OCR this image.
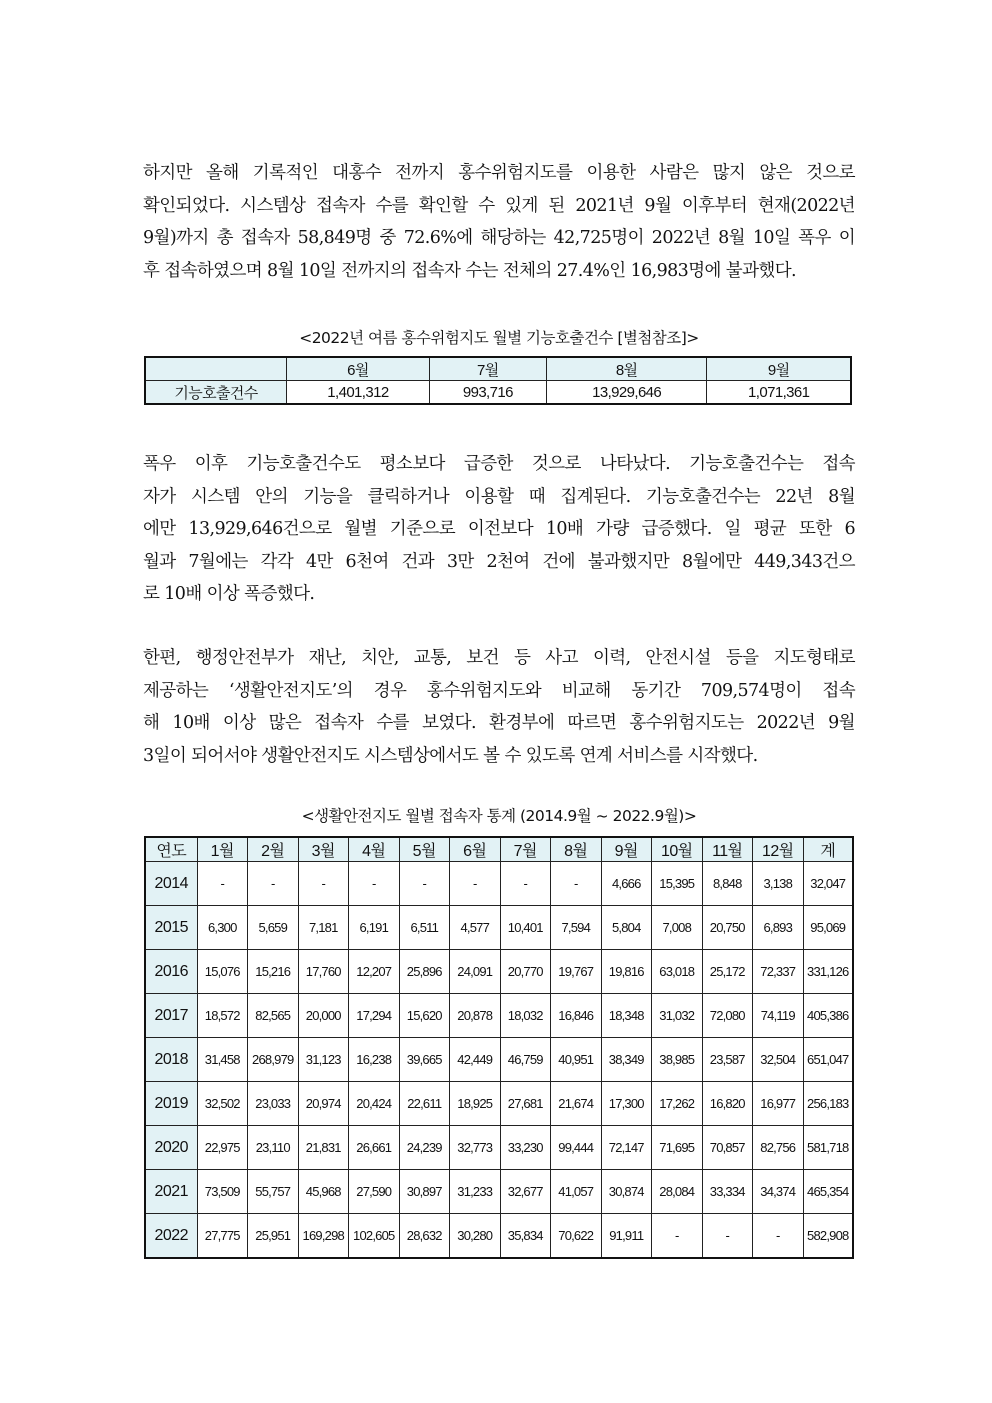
하지만 올해 기록적인 대홍수 전까지 홍수위험지도를 이용한 사람은 많지 않은 것으로
확인되었다. 시스템상 접속자 수를 확인할 수 있게 된 2021년 9월 이후부터 현재(2022년
9월)까지 총 접속자 58,849명 중 72.6%에 해당하는 42,725명이 2022년 8월 10일 폭우 이
후 접속하였으며 8월 10일 전까지의 접속자 수는 전체의 27.4%인 16,983명에 불과했다.
<2022년 여름 홍수위험지도 월별 기능호출건수 [별첨참조]>
	6월	7월	8월	9월
기능호출건수	1,401,312	993,716	13,929,646	1,071,361
폭우 이후 기능호출건수도 평소보다 급증한 것으로 나타났다. 기능호출건수는 접속
자가 시스템 안의 기능을 클릭하거나 이용할 때 집계된다. 기능호출건수는 22년 8월
에만 13,929,646건으로 월별 기준으로 이전보다 10배 가량 급증했다. 일 평균 또한 6
월과 7월에는 각각 4만 6천여 건과 3만 2천여 건에 불과했지만 8월에만 449,343건으
로 10배 이상 폭증했다.
한편, 행정안전부가 재난, 치안, 교통, 보건 등 사고 이력, 안전시설 등을 지도형태로
제공하는 ‘생활안전지도’의 경우 홍수위험지도와 비교해 동기간 709,574명이 접속
해 10배 이상 많은 접속자 수를 보였다. 환경부에 따르면 홍수위험지도는 2022년 9월
3일이 되어서야 생활안전지도 시스템상에서도 볼 수 있도록 연계 서비스를 시작했다.
<생활안전지도 월별 접속자 통계 (2014.9월 ~ 2022.9월)>
연도	1월	2월	3월	4월	5월	6월	7월	8월	9월	10월	11월	12월	계
2014	-	-	-	-	-	-	-	-	4,666	15,395	8,848	3,138	32,047
2015	6,300	5,659	7,181	6,191	6,511	4,577	10,401	7,594	5,804	7,008	20,750	6,893	95,069
2016	15,076	15,216	17,760	12,207	25,896	24,091	20,770	19,767	19,816	63,018	25,172	72,337	331,126
2017	18,572	82,565	20,000	17,294	15,620	20,878	18,032	16,846	18,348	31,032	72,080	74,119	405,386
2018	31,458	268,979	31,123	16,238	39,665	42,449	46,759	40,951	38,349	38,985	23,587	32,504	651,047
2019	32,502	23,033	20,974	20,424	22,611	18,925	27,681	21,674	17,300	17,262	16,820	16,977	256,183
2020	22,975	23,110	21,831	26,661	24,239	32,773	33,230	99,444	72,147	71,695	70,857	82,756	581,718
2021	73,509	55,757	45,968	27,590	30,897	31,233	32,677	41,057	30,874	28,084	33,334	34,374	465,354
2022	27,775	25,951	169,298	102,605	28,632	30,280	35,834	70,622	91,911	-	-	-	582,908
